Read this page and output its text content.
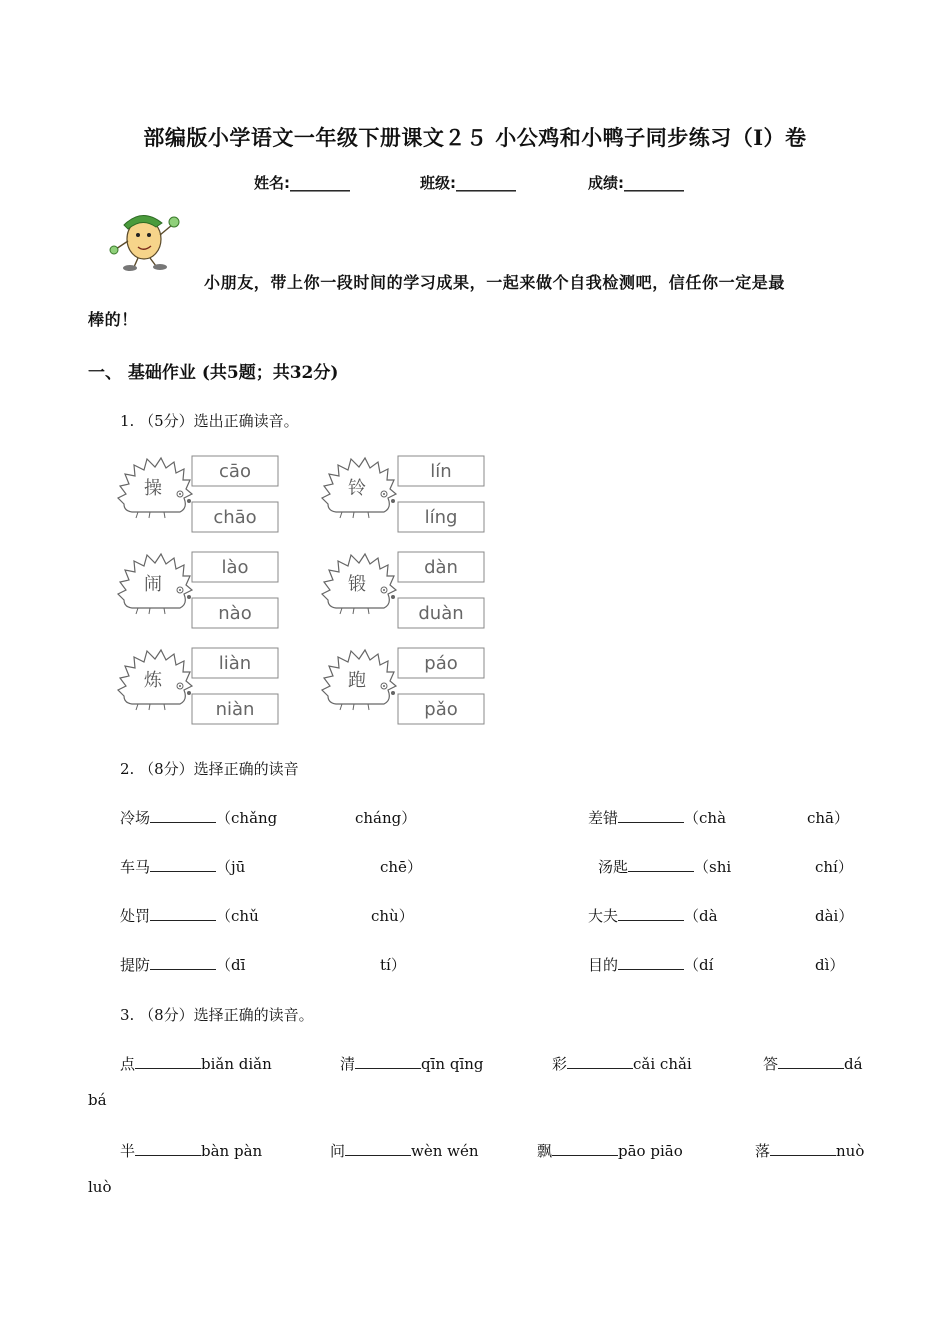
部编版小学语文一年级下册课文２５ 小公鸡和小鸭子同步练习（I）卷
姓名:________	班级:________	成绩:________
小朋友，带上你一段时间的学习成果，一起来做个自我检测吧，信任你一定是最
棒的！
一、 基础作业 (共5题；共32分)
1. （5分）选出正确读音。
操
cāo
chāo
铃
lín
líng
闹
lào
nào
锻
dàn
duàn
炼
liàn
niàn
跑
páo
pǎo
2. （8分）选择正确的读音
冷场	（chǎng	cháng）	差错	（chà	chā）
车马	（jū	chē）	汤匙	（shi	chí）
处罚	（chǔ	chù）	大夫	（dà	dài）
提防	（dī	tí）	目的	（dí	dì）
3. （8分）选择正确的读音。
点	biǎn diǎn	清	qīn qīng	彩	cǎi chǎi	答	dá
bá
半	bàn pàn	问	wèn wén	飘	pāo piāo	落	nuò
luò
